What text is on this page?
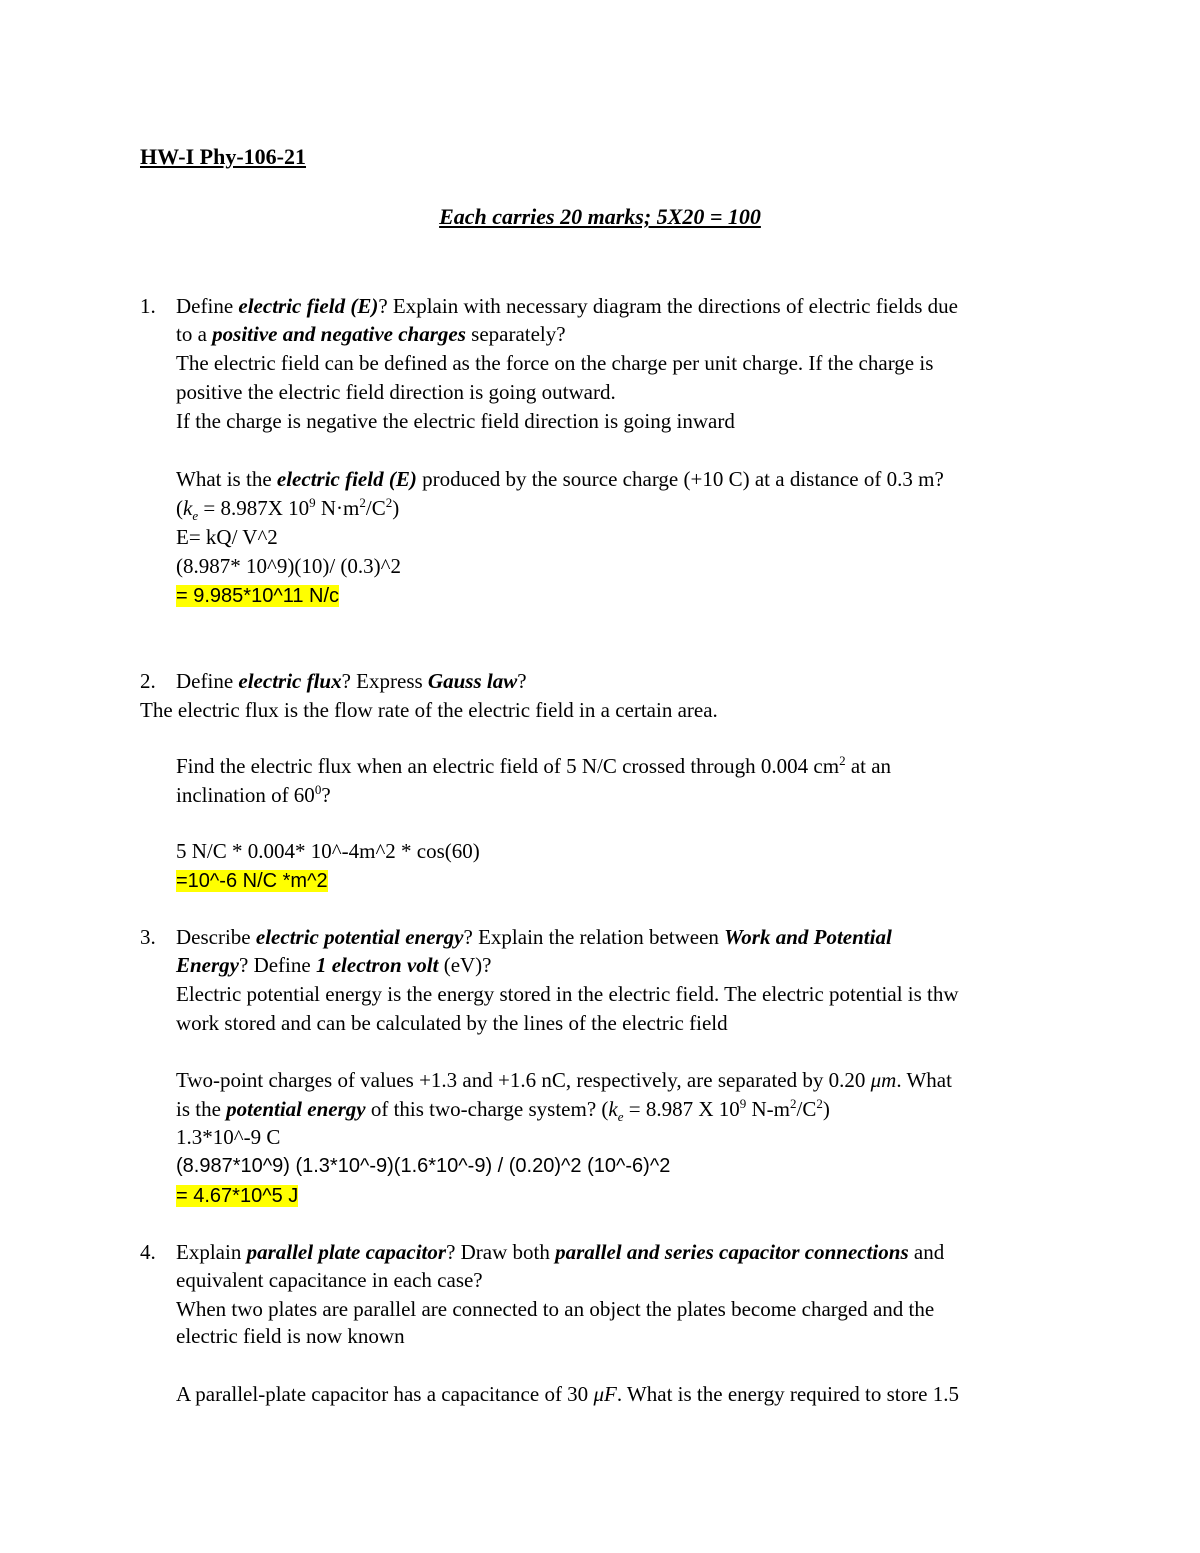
HW-I Phy-106-21
Each carries 20 marks; 5X20 = 100
1. Define electric field (E)? Explain with necessary diagram the directions of electric fields due
to a positive and negative charges separately?
The electric field can be defined as the force on the charge per unit charge. If the charge is
positive the electric field direction is going outward.
If the charge is negative the electric field direction is going inward
What is the electric field (E) produced by the source charge (+10 C) at a distance of 0.3 m?
($k_e = 8.987X$ $10^9$ $N\cdot m^2/C^2$)
E= kQ/ V^2
(8.987* 10^9)(10)/ (0.3)^2
= 9.985*10^11 N/c
2. Define electric flux? Express Gauss law?
The electric flux is the flow rate of the electric field in a certain area.
Find the electric flux when an electric field of 5 N/C crossed through 0.004 $cm^2$ at an
inclination of $60^0$?
5 N/C * 0.004* 10^-4m^2 * cos(60)
=10^-6 N/C *m^2
3. Describe electric potential energy? Explain the relation between Work and Potential
Energy? Define 1 electron volt (eV)?
Electric potential energy is the energy stored in the electric field. The electric potential is thw
work stored and can be calculated by the lines of the electric field
Two-point charges of values +1.3 and +1.6 nC, respectively, are separated by 0.20 μm. What
is the potential energy of this two-charge system? ($k_e = 8.987$ X $10^9$ $N-m^2/C^2$)
1.3*10^-9 C
(8.987*10^9) (1.3*10^-9)(1.6*10^-9) / (0.20)^2 (10^-6)^2
= 4.67*10^5 J
4. Explain parallel plate capacitor? Draw both parallel and series capacitor connections and
equivalent capacitance in each case?
When two plates are parallel are connected to an object the plates become charged and the
electric field is now known
A parallel-plate capacitor has a capacitance of 30 μF. What is the energy required to store 1.5
